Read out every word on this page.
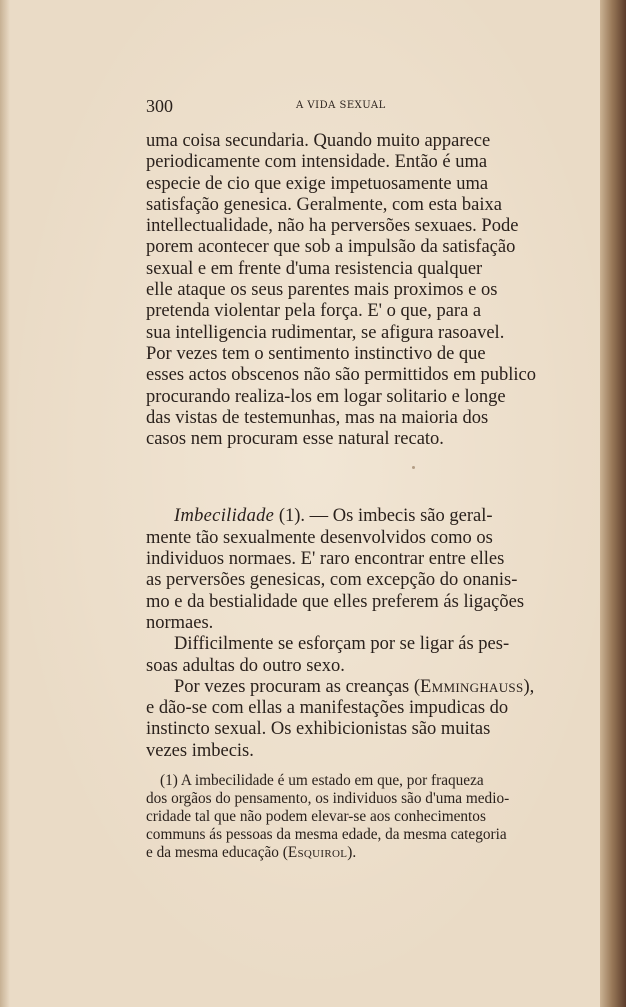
300	A VIDA SEXUAL

uma coisa secundaria. Quando muito apparece
periodicamente com intensidade. Então é uma
especie de cio que exige impetuosamente uma
satisfação genesica. Geralmente, com esta baixa
intellectualidade, não ha perversões sexuaes. Pode
porem acontecer que sob a impulsão da satisfação
sexual e em frente d'uma resistencia qualquer
elle ataque os seus parentes mais proximos e os
pretenda violentar pela força. E' o que, para a
sua intelligencia rudimentar, se afigura rasoavel.
Por vezes tem o sentimento instinctivo de que
esses actos obscenos não são permittidos em publico
procurando realiza-los em logar solitario e longe
das vistas de testemunhas, mas na maioria dos
casos nem procuram esse natural recato.

Imbecilidade (1). — Os imbecis são geral-
mente tão sexualmente desenvolvidos como os
individuos normaes. E' raro encontrar entre elles
as perversões genesicas, com excepção do onanis-
mo e da bestialidade que elles preferem ás ligações
normaes.

Difficilmente se esforçam por se ligar ás pes-
soas adultas do outro sexo.

Por vezes procuram as creanças (Emminghauss),
e dão-se com ellas a manifestações impudicas do
instincto sexual. Os exhibicionistas são muitas
vezes imbecis.

(1) A imbecilidade é um estado em que, por fraqueza
dos orgãos do pensamento, os individuos são d'uma medio-
cridade tal que não podem elevar-se aos conhecimentos
communs ás pessoas da mesma edade, da mesma categoria
e da mesma educação (Esquirol).
